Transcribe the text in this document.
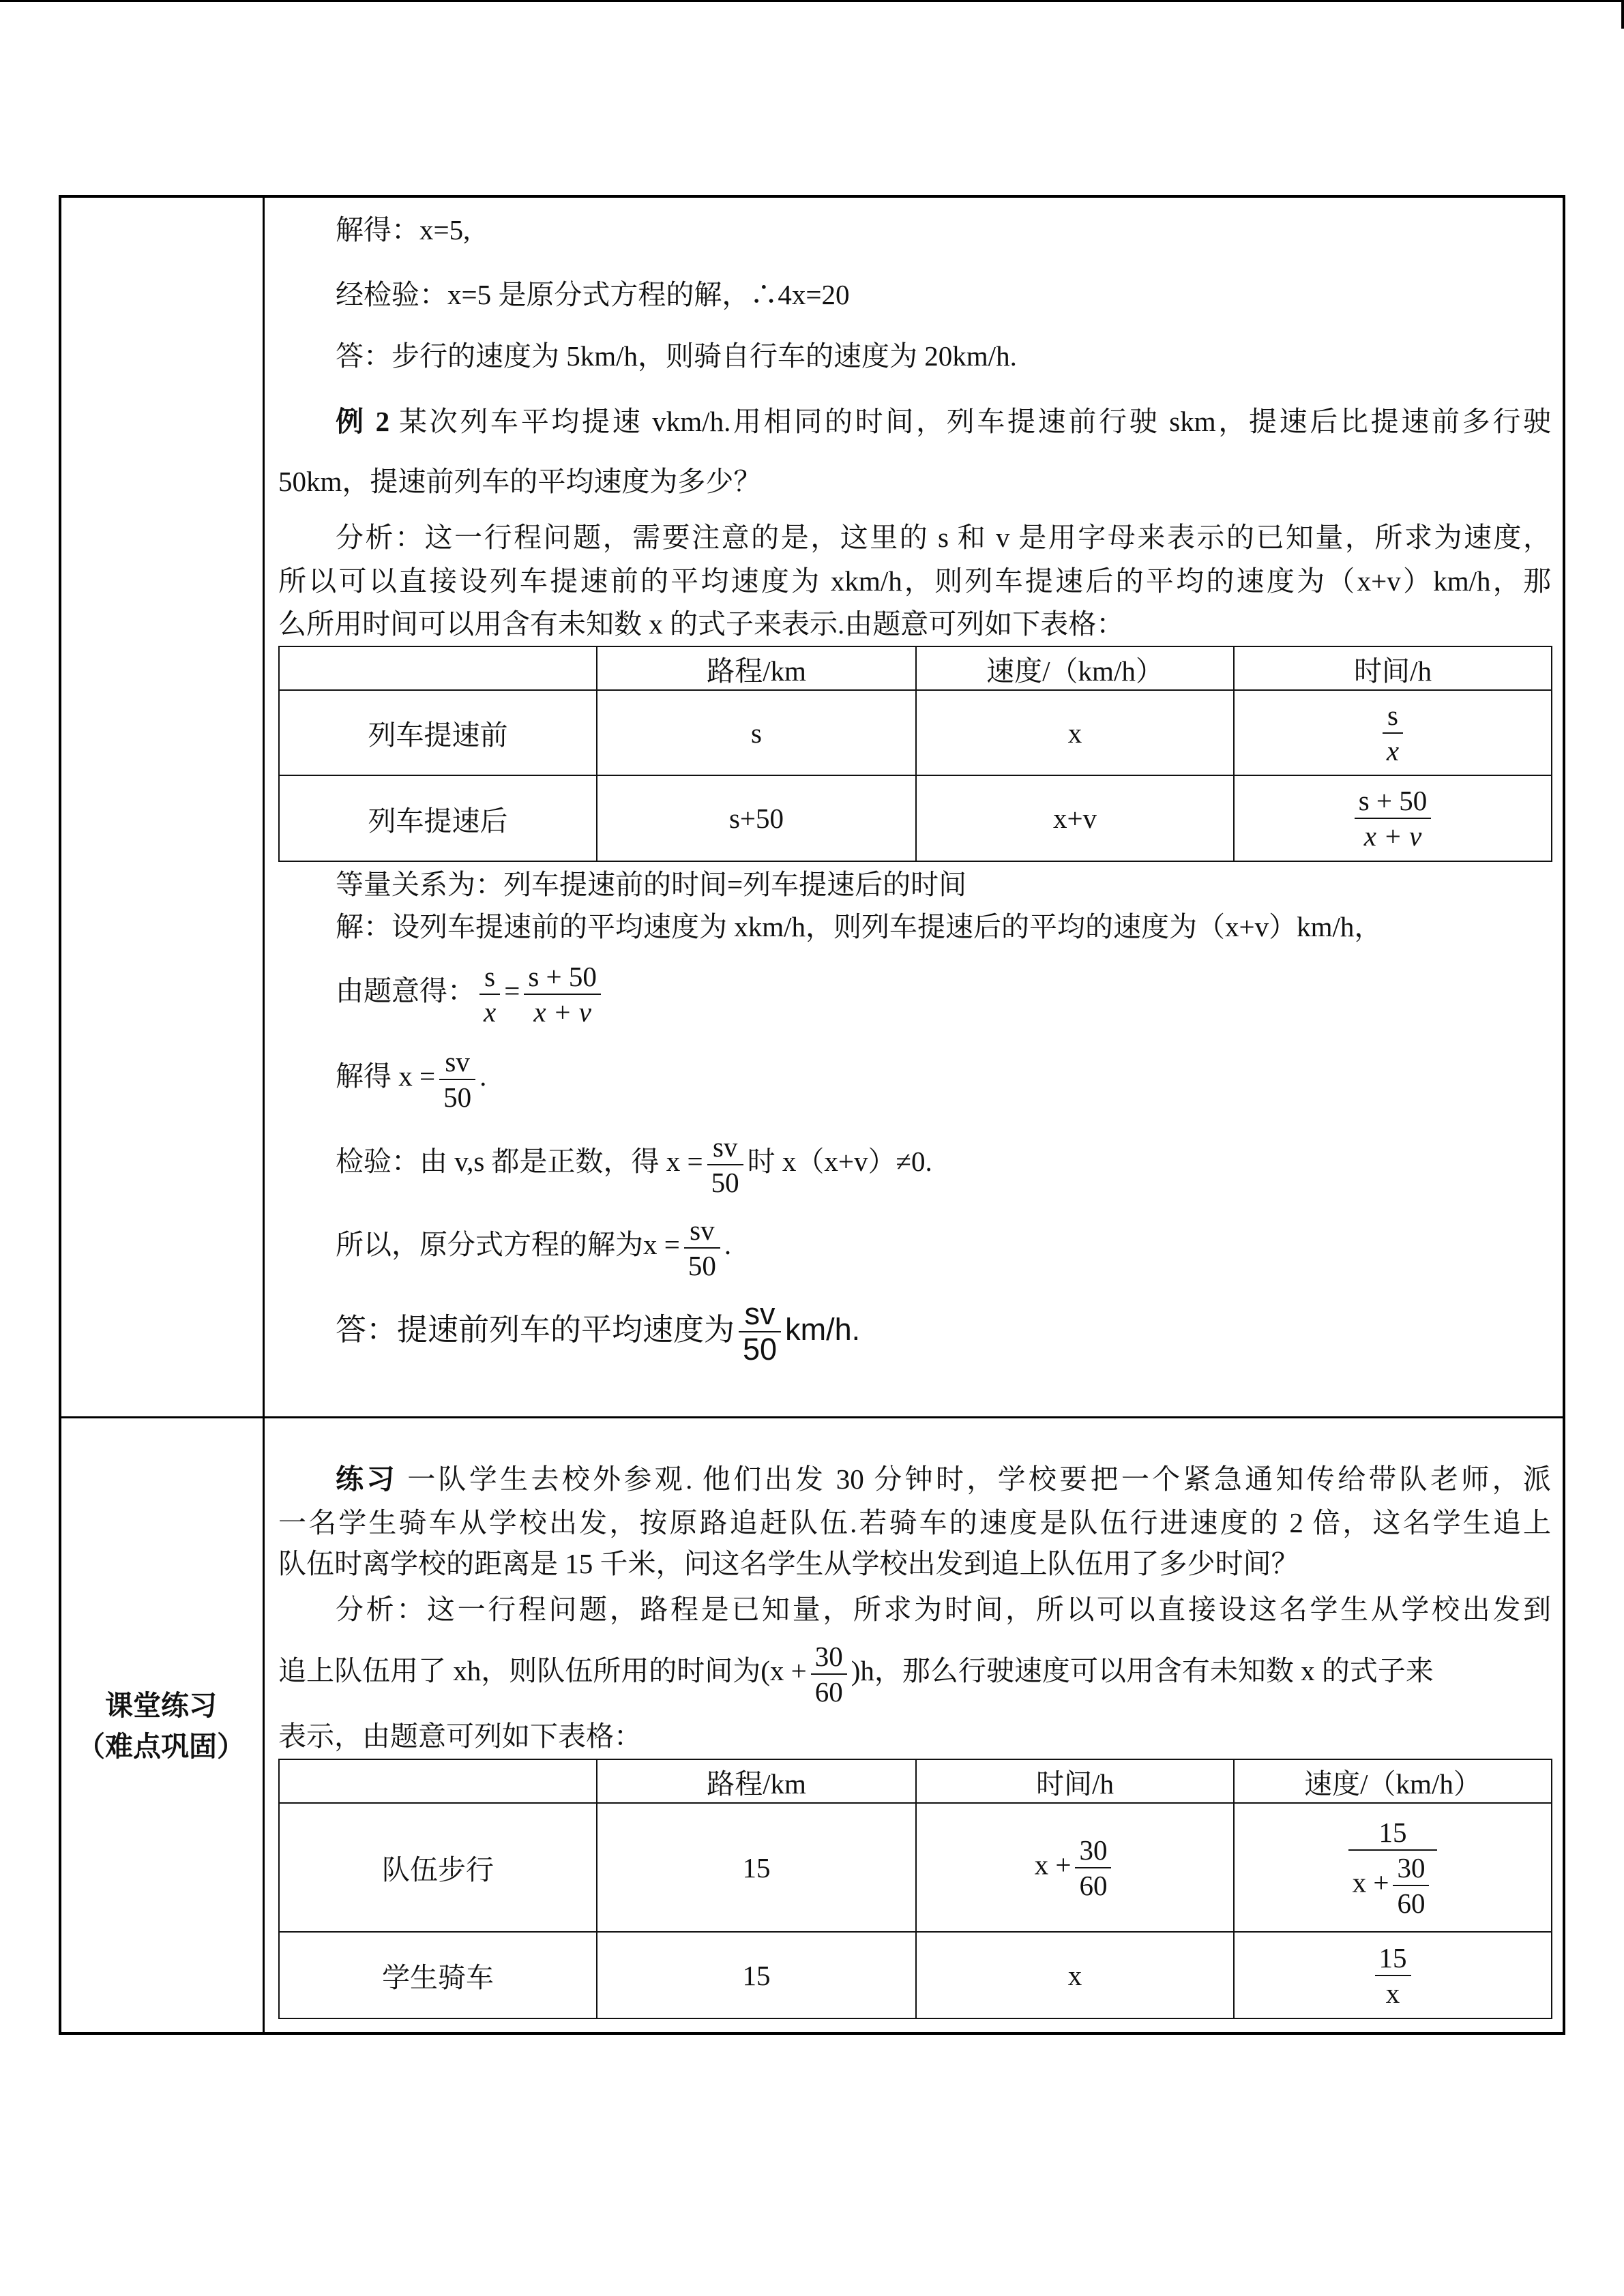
解得：x=5,
经检验：x=5 是原分式方程的解，∴4x=20
答：步行的速度为 5km/h，则骑自行车的速度为 20km/h.
例 2 某次列车平均提速 vkm/h.用相同的时间，列车提速前行驶 skm，提速后比提速前多行驶
50km，提速前列车的平均速度为多少？
分析：这一行程问题，需要注意的是，这里的 s 和 v 是用字母来表示的已知量，所求为速度，
所以可以直接设列车提速前的平均速度为 xkm/h，则列车提速后的平均的速度为（x+v）km/h，那
么所用时间可以用含有未知数 x 的式子来表示.由题意可列如下表格：
	路程/km	速度/（km/h）	时间/h
列车提速前	s	x	$\frac{s}{x}$

列车提速后	s+50	x+v	$\frac{s + 50}{x + v}$
等量关系为：列车提速前的时间=列车提速后的时间
解：设列车提速前的平均速度为 xkm/h，则列车提速后的平均的速度为（x+v）km/h，
由题意得： $\frac{s}{x} = \frac{s + 50}{x + v}$
解得 $x = \frac{sv}{50}$ .
检验：由 v,s 都是正数，得 $x = \frac{sv}{50}$ 时 x（x+v）≠0.
所以，原分式方程的解为$x = \frac{sv}{50}$ .
答：提速前列车的平均速度为 $\frac{sv}{50} km/h$.
课堂练习
（难点巩固）
练习 一队学生去校外参观. 他们出发 30 分钟时，学校要把一个紧急通知传给带队老师，派
一名学生骑车从学校出发，按原路追赶队伍.若骑车的速度是队伍行进速度的 2 倍，这名学生追上
队伍时离学校的距离是 15 千米，问这名学生从学校出发到追上队伍用了多少时间？
分析：这一行程问题，路程是已知量，所求为时间，所以可以直接设这名学生从学校出发到
追上队伍用了 xh，则队伍所用的时间为$(x + \frac{30}{60} )h$，那么行驶速度可以用含有未知数 x 的式子来
表示，由题意可列如下表格：
	路程/km	时间/h	速度/（km/h）
队伍步行	15	$x + \frac{30}{60}$	$\frac{15}{x + \frac{30}{60}}$

学生骑车	15	x	$\frac{15}{x}$
